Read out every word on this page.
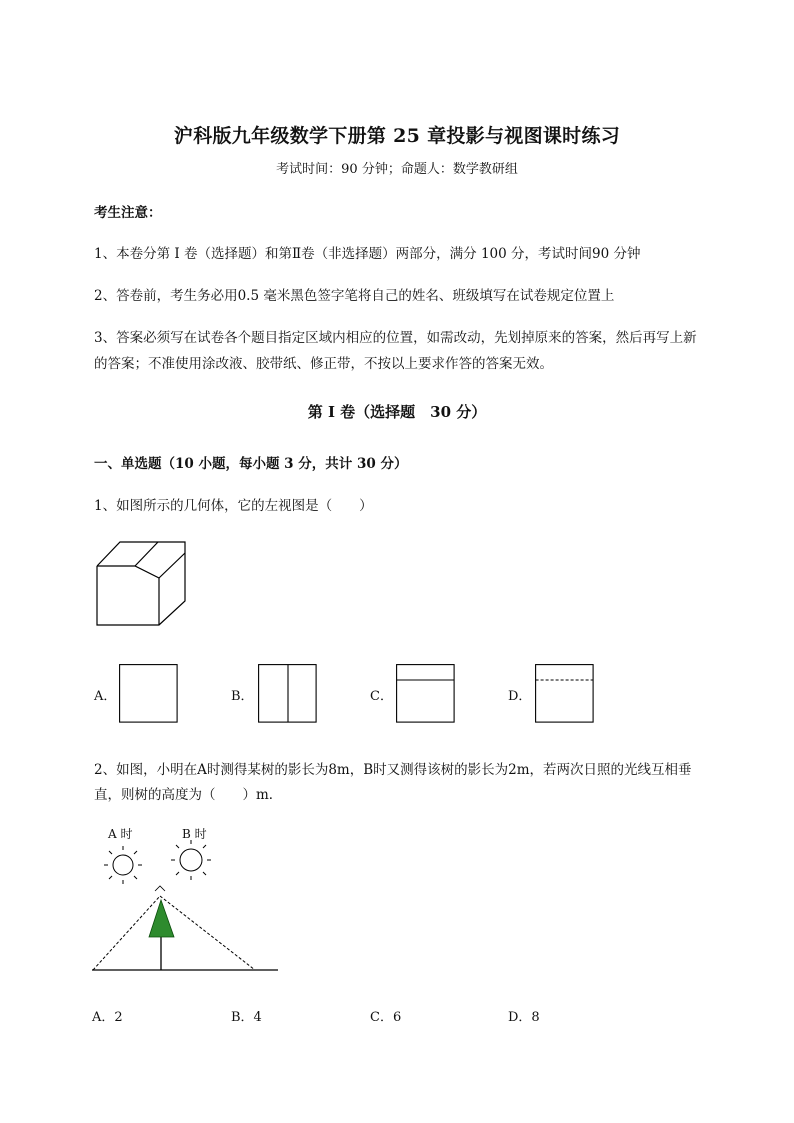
沪科版九年级数学下册第 25 章投影与视图课时练习
考试时间：90 分钟；命题人：数学教研组
考生注意：
1、本卷分第 I 卷（选择题）和第Ⅱ卷（非选择题）两部分，满分 100 分，考试时间90 分钟
2、答卷前，考生务必用0.5 毫米黑色签字笔将自己的姓名、班级填写在试卷规定位置上
3、答案必须写在试卷各个题目指定区域内相应的位置，如需改动，先划掉原来的答案，然后再写上新
的答案；不准使用涂改液、胶带纸、修正带，不按以上要求作答的答案无效。
第 I 卷（选择题　30 分）
一、单选题（10 小题，每小题 3 分，共计 30 分）
1、如图所示的几何体，它的左视图是（　　）
A．	B．	C．	D．
2、如图，小明在A时测得某树的影长为8m，B时又测得该树的影长为2m，若两次日照的光线互相垂
直，则树的高度为（　　）m．
A 时	B 时
A．2	B．4	C．6	D．8
